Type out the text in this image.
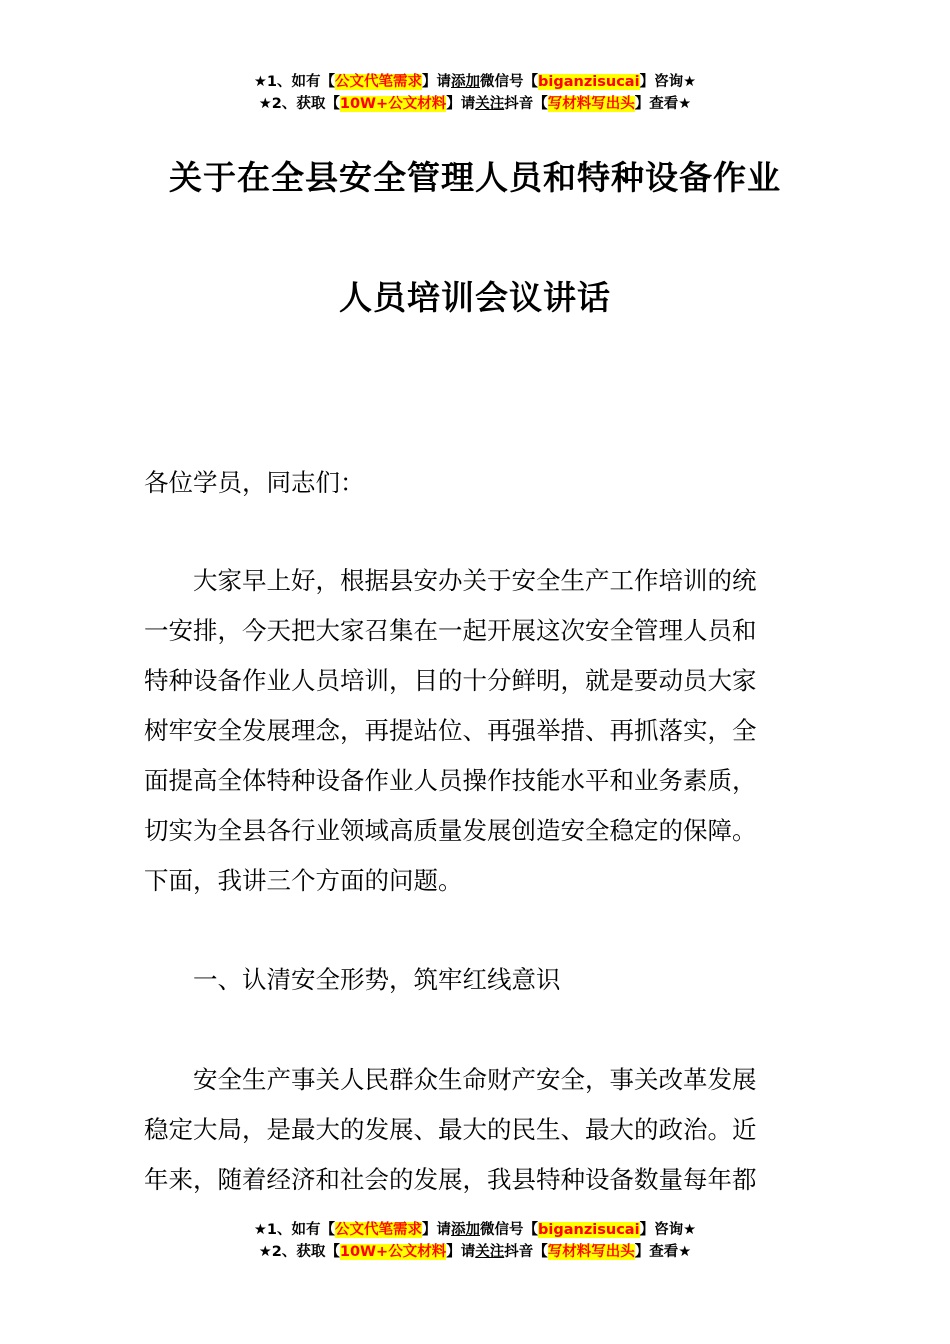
★1、如有【公文代笔需求】请添加微信号【biganzisucai】咨询★
★2、获取【10W+公文材料】请关注抖音【写材料写出头】查看★
关于在全县安全管理人员和特种设备作业
人员培训会议讲话
各位学员，同志们：
大家早上好，根据县安办关于安全生产工作培训的统
一安排，今天把大家召集在一起开展这次安全管理人员和
特种设备作业人员培训，目的十分鲜明，就是要动员大家
树牢安全发展理念，再提站位、再强举措、再抓落实，全
面提高全体特种设备作业人员操作技能水平和业务素质，
切实为全县各行业领域高质量发展创造安全稳定的保障。
下面，我讲三个方面的问题。
一、认清安全形势，筑牢红线意识
安全生产事关人民群众生命财产安全，事关改革发展
稳定大局，是最大的发展、最大的民生、最大的政治。近
年来，随着经济和社会的发展，我县特种设备数量每年都
★1、如有【公文代笔需求】请添加微信号【biganzisucai】咨询★
★2、获取【10W+公文材料】请关注抖音【写材料写出头】查看★
